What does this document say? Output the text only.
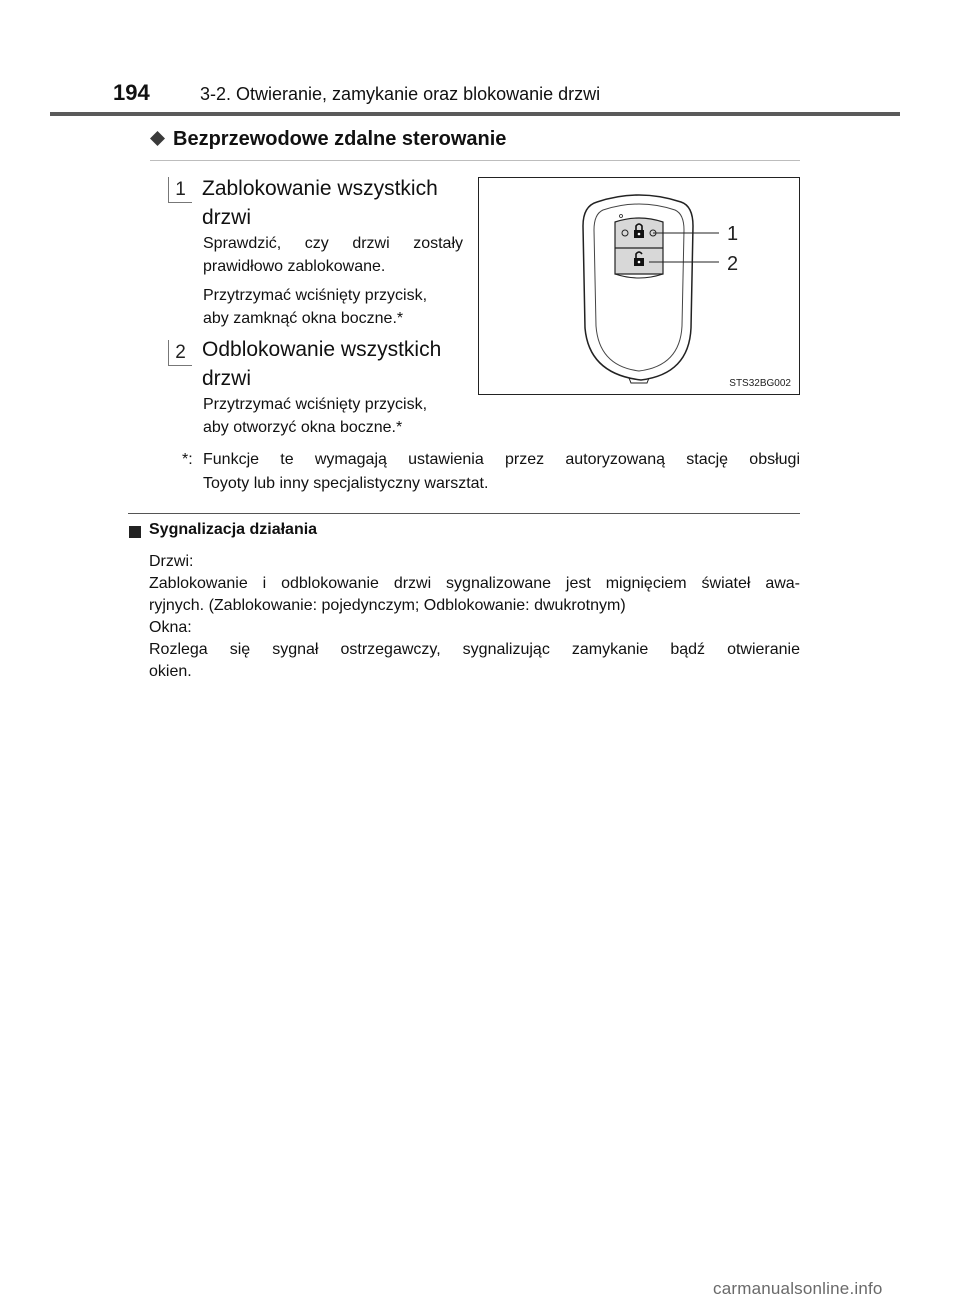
194	3-2. Otwieranie, zamykanie oraz blokowanie drzwi
Bezprzewodowe zdalne sterowanie
1 Zablokowanie wszystkich
drzwi
Sprawdzić, czy drzwi zostały
prawidłowo zablokowane.
Przytrzymać wciśnięty przycisk,
aby zamknąć okna boczne.*
2 Odblokowanie wszystkich
drzwi
Przytrzymać wciśnięty przycisk,
aby otworzyć okna boczne.*
1
2
STS32BG002
*: Funkcje te wymagają ustawienia przez autoryzowaną stację obsługi
Toyoty lub inny specjalistyczny warsztat.
Sygnalizacja działania
Drzwi:
Zablokowanie i odblokowanie drzwi sygnalizowane jest mignięciem świateł awa-
ryjnych. (Zablokowanie: pojedynczym; Odblokowanie: dwukrotnym)
Okna:
Rozlega się sygnał ostrzegawczy, sygnalizując zamykanie bądź otwieranie
okien.
carmanualsonline.info
